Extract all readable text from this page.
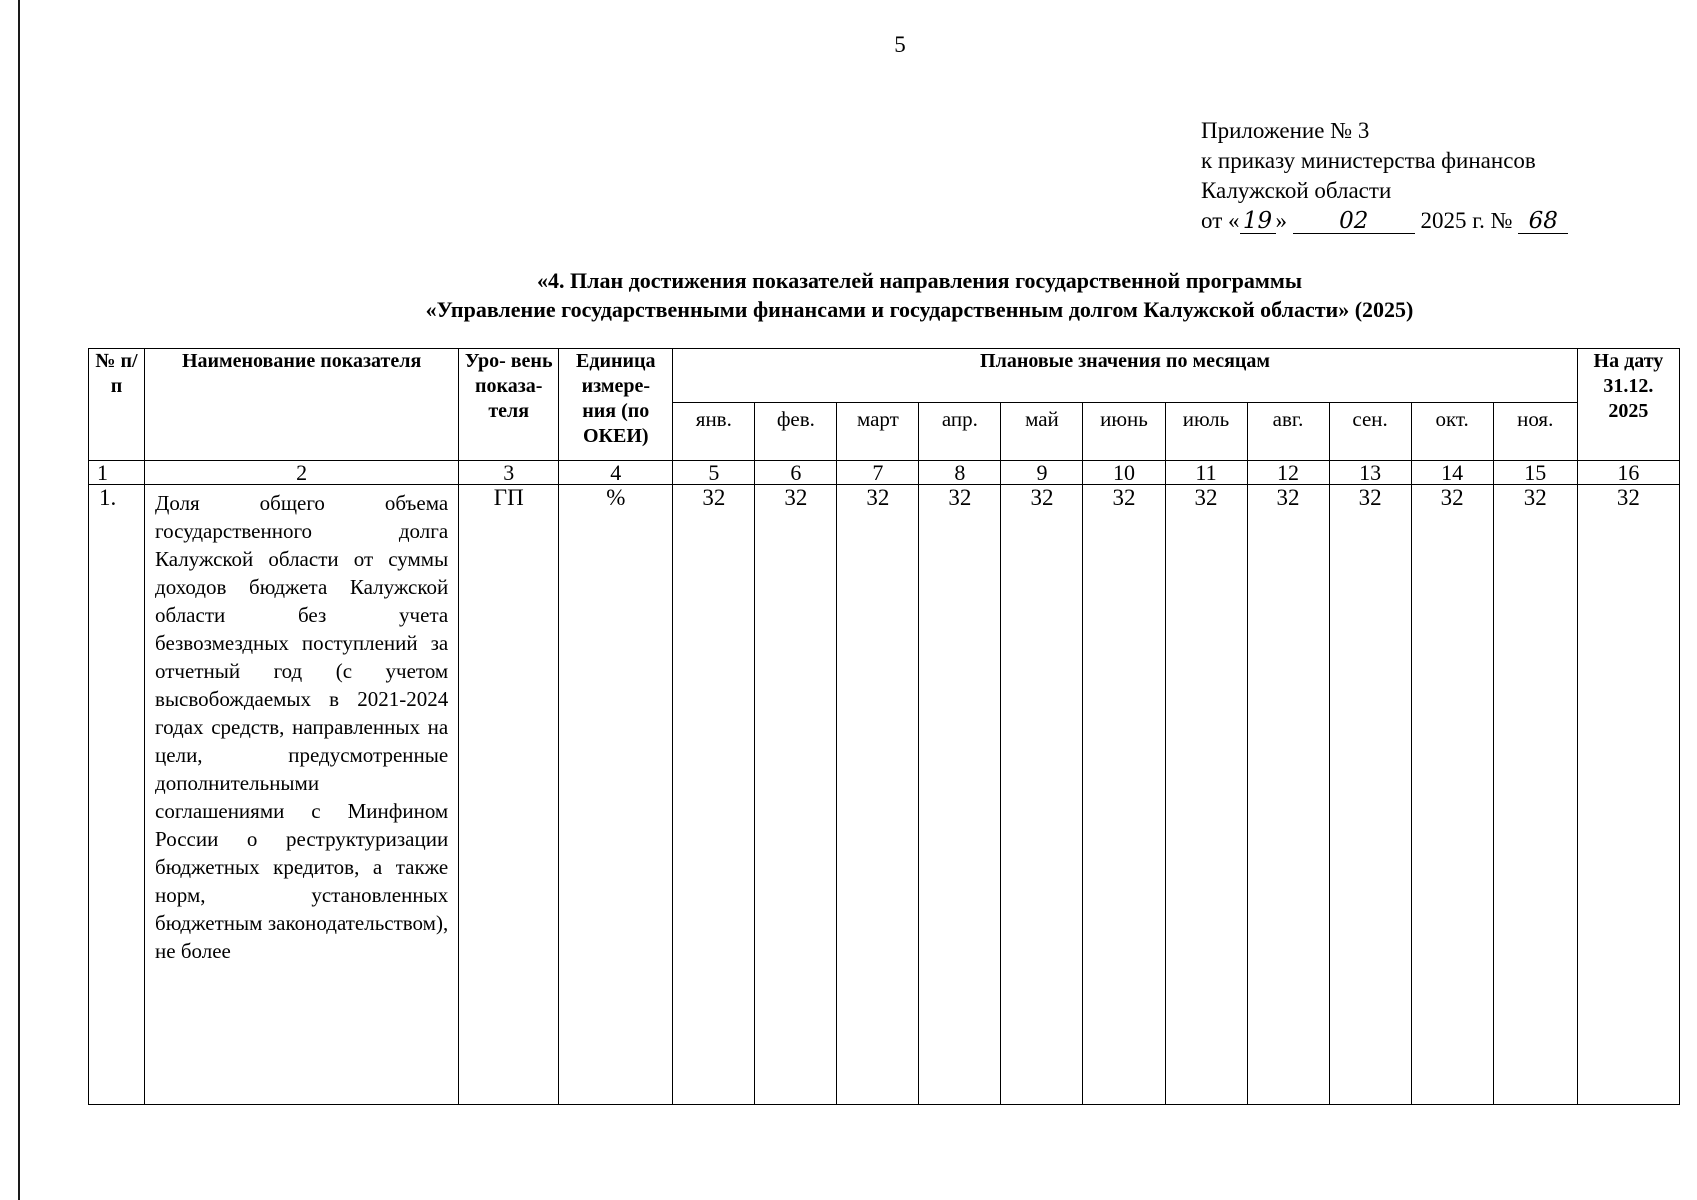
5
Приложение № 3
к приказу министерства финансов
Калужской области
от « 19 » 02 2025 г. № 68
«4. План достижения показателей направления государственной программы
«Управление государственными финансами и государственным долгом Калужской области» (2025)
№ п/п	Наименование показателя	Уро- вень показа- теля	Единица измере- ния (по ОКЕИ)	Плановые значения по месяцам											На дату 31.12. 2025
				янв.	фев.	март	апр.	май	июнь	июль	авг.	сен.	окт.	ноя.	
1	2	3	4	5	6	7	8	9	10	11	12	13	14	15	16
1.	Доля общего объема государственного долга Калужской области от суммы доходов бюджета Калужской области без учета безвозмездных поступлений за отчетный год (с учетом высвобождаемых в 2021-2024 годах средств, направленных на цели, предусмотренные дополнительными соглашениями с Минфином России о реструктуризации бюджетных кредитов, а также норм, установленных бюджетным законодательством), не более	ГП	%	32	32	32	32	32	32	32	32	32	32	32	32
